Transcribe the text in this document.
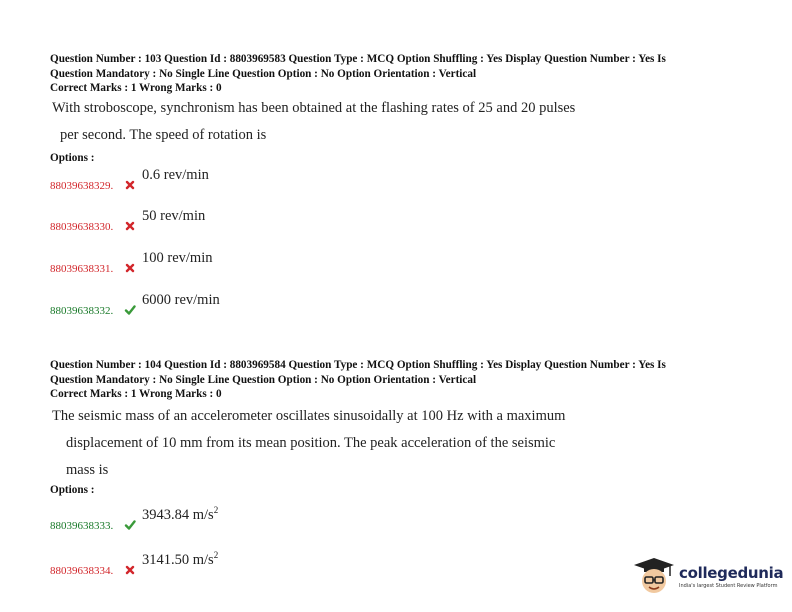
Question Number : 103 Question Id : 8803969583 Question Type : MCQ Option Shuffling : Yes Display Question Number : Yes Is

Question Mandatory : No Single Line Question Option : No Option Orientation : Vertical

Correct Marks : 1 Wrong Marks : 0

With stroboscope, synchronism has been obtained at the flashing rates of 25 and 20 pulses

per second. The speed of rotation is

Options :

88039638329.
0.6 rev/min
88039638330.
50 rev/min
88039638331.
100 rev/min
88039638332.
6000 rev/min

Question Number : 104 Question Id : 8803969584 Question Type : MCQ Option Shuffling : Yes Display Question Number : Yes Is

Question Mandatory : No Single Line Question Option : No Option Orientation : Vertical

Correct Marks : 1 Wrong Marks : 0

The seismic mass of an accelerometer oscillates sinusoidally at 100 Hz with a maximum

displacement of 10 mm from its mean position. The peak acceleration of the seismic

mass is

Options :

88039638333.
3943.84 $m/s^2$
88039638334.
3141.50 $m/s^2$
collegedunia
India's largest Student Review Platform
